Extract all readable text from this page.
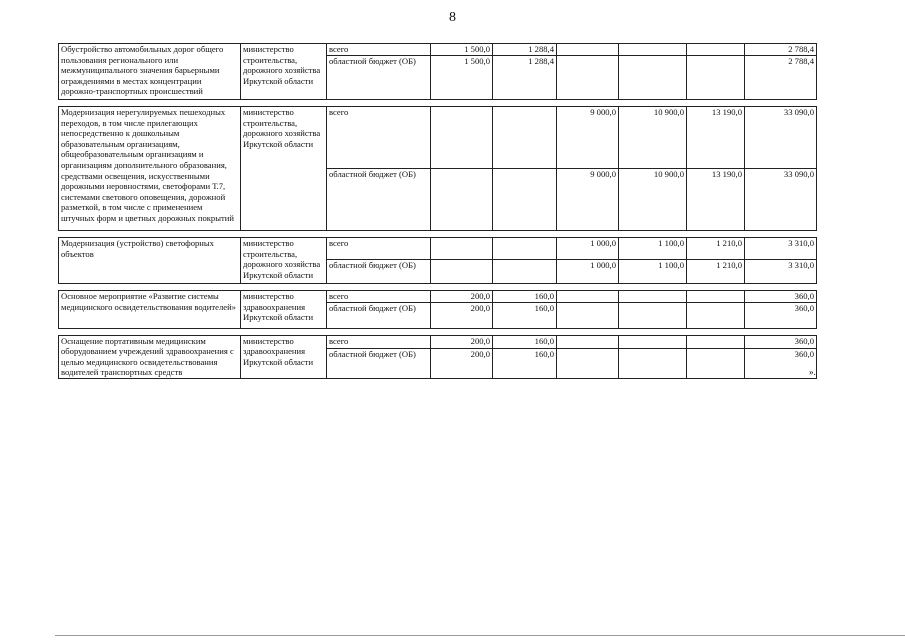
8
Обустройство автомобильных дорог общего пользования регионального или межмуниципального значения барьерными ограждениями в местах концентрации дорожно-транспортных происшествий	министерство строительства, дорожного хозяйства Иркутской области	всего	1 500,0	1 288,4				2 788,4
		областной бюджет (ОБ)	1 500,0	1 288,4				2 788,4

Модернизация нерегулируемых пешеходных переходов, в том числе прилегающих непосредственно к дошкольным образовательным организациям, общеобразовательным организациям и организациям дополнительного образования, средствами освещения, искусственными дорожными неровностями, светофорами Т.7, системами светового оповещения, дорожной разметкой, в том числе с применением штучных форм и цветных дорожных покрытий	министерство строительства, дорожного хозяйства Иркутской области	всего			9 000,0	10 900,0	13 190,0	33 090,0
		областной бюджет (ОБ)			9 000,0	10 900,0	13 190,0	33 090,0

Модернизация (устройство) светофорных объектов	министерство строительства, дорожного хозяйства Иркутской области	всего			1 000,0	1 100,0	1 210,0	3 310,0
		областной бюджет (ОБ)			1 000,0	1 100,0	1 210,0	3 310,0

Основное мероприятие «Развитие системы медицинского освидетельствования водителей»	министерство здравоохранения Иркутской области	всего	200,0	160,0				360,0
		областной бюджет (ОБ)	200,0	160,0				360,0

Оснащение портативным медицинским оборудованием учреждений здравоохранения с целью медицинского освидетельствования водителей транспортных средств	министерство здравоохранения Иркутской области	всего	200,0	160,0				360,0
		областной бюджет (ОБ)	200,0	160,0				360,0
».
